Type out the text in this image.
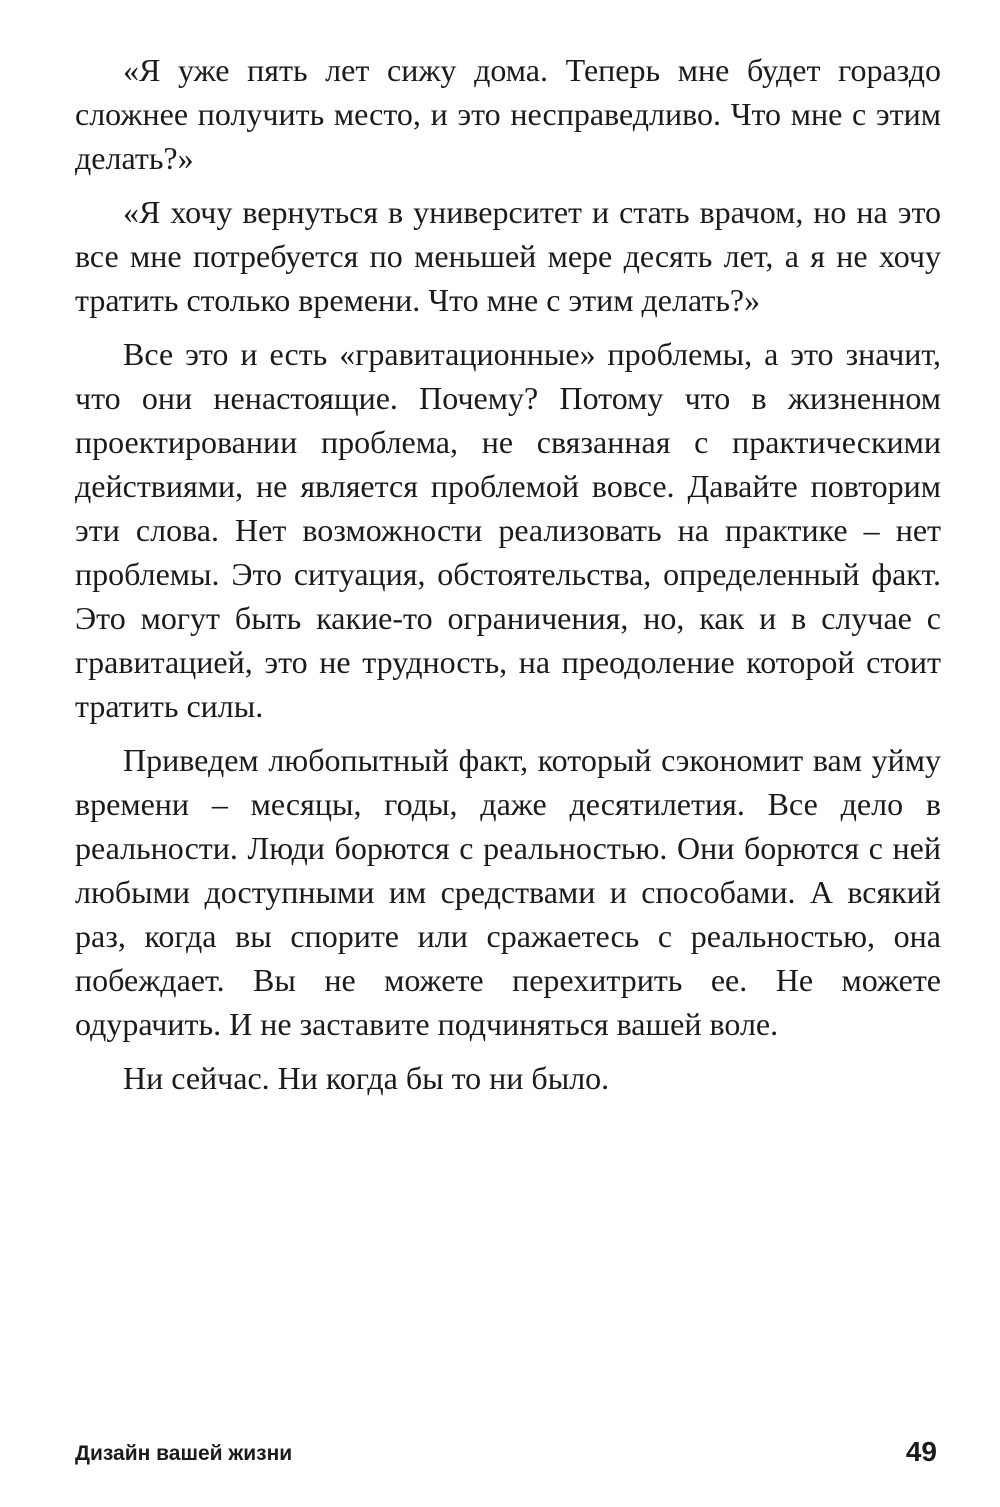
«Я уже пять лет сижу дома. Теперь мне будет гораздо сложнее получить место, и это несправедливо. Что мне с этим делать?»

«Я хочу вернуться в университет и стать врачом, но на это все мне потребуется по меньшей мере десять лет, а я не хочу тратить столько времени. Что мне с этим делать?»

Все это и есть «гравитационные» проблемы, а это значит, что они ненастоящие. Почему? Потому что в жизненном проектировании проблема, не связанная с практическими действиями, не является проблемой вовсе. Давайте повторим эти слова. Нет возможности реализовать на практике – нет проблемы. Это ситуация, обстоятельства, определенный факт. Это могут быть какие-то ограничения, но, как и в случае с гравитацией, это не трудность, на преодоление которой стоит тратить силы.

Приведем любопытный факт, который сэкономит вам уйму времени – месяцы, годы, даже десятилетия. Все дело в реальности. Люди борются с реальностью. Они борются с ней любыми доступными им средствами и способами. А всякий раз, когда вы спорите или сражаетесь с реальностью, она побеждает. Вы не можете перехитрить ее. Не можете одурачить. И не заставите подчиняться вашей воле.

Ни сейчас. Ни когда бы то ни было.

Дизайн вашей жизни	49
